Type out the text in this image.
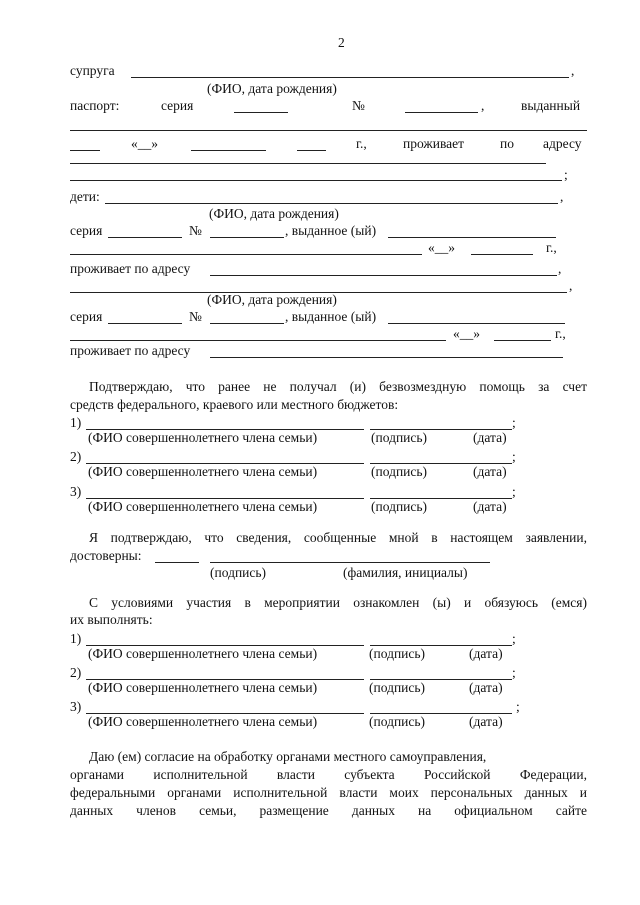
2
супруга	,
(ФИО, дата рождения)
паспорт:	серия	№	,	выданный
«__»	г.,	проживает	по адресу
;
дети:	,
(ФИО, дата рождения)
серия	№	, выданное (ый)
«__»	г.,
проживает по адресу	,
,
(ФИО, дата рождения)
серия	№	, выданное (ый)
«__»	г.,
проживает по адресу
Подтверждаю, что ранее не получал (и) безвозмездную помощь за счет
средств федерального, краевого или местного бюджетов:
1)	;
(ФИО совершеннолетнего члена семьи)	(подпись)	(дата)
2)	;
(ФИО совершеннолетнего члена семьи)	(подпись)	(дата)
3)	;
(ФИО совершеннолетнего члена семьи)	(подпись)	(дата)
Я подтверждаю, что сведения, сообщенные мной в настоящем заявлении,
достоверны:
(подпись)	(фамилия, инициалы)
С условиями участия в мероприятии ознакомлен (ы) и обязуюсь (емся)
их выполнять:
1)	;
(ФИО совершеннолетнего члена семьи)	(подпись)	(дата)
2)	;
(ФИО совершеннолетнего члена семьи)	(подпись)	(дата)
3)	;
(ФИО совершеннолетнего члена семьи)	(подпись)	(дата)
Даю (ем) согласие на обработку органами местного самоуправления,
органами исполнительной власти субъекта Российской Федерации,
федеральными органами исполнительной власти моих персональных данных и
данных членов семьи, размещение данных на официальном сайте
